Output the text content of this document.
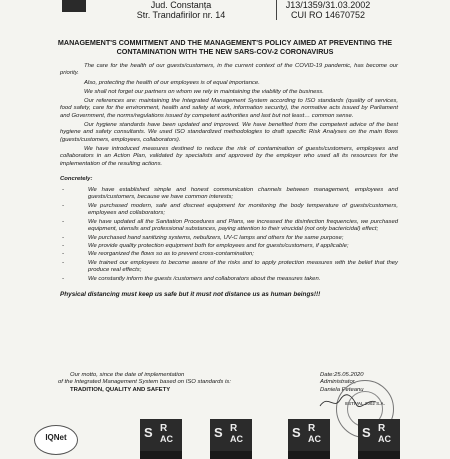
Jud. Constanța
Str. Trandafirilor nr. 14
J13/1359/31.03.2002
CUI RO 14670752
MANAGEMENT'S COMMITMENT AND THE MANAGEMENT'S POLICY AIMED AT PREVENTING THE CONTAMINATION WITH THE NEW SARS-COV-2 CORONAVIRUS

The care for the health of our guests/customers, in the current context of the COVID-19 pandemic, has become our priority.

Also, protecting the health of our employees is of equal importance.

We shall not forget our partners on whom we rely in maintaining the viability of the business.

Our references are: maintaining the Integrated Management System according to ISO standards (quality of services, food safety, care for the environment, health and safety at work, information security), the normative acts issued by Parliament and Government, the norms/regulations issued by competent authorities and last but not least… common sense.

Our hygiene standards have been updated and improved. We have benefited from the competent advice of the best hygiene and safety consultants. We used ISO standardized methodologies to draft specific Risk Analyses on the main flows (guests/customers, employees, collaborators).

We have introduced measures destined to reduce the risk of contamination of guests/customers, employees and collaborators in an Action Plan, validated by specialists and approved by the employer who used all its resources for the implementation of the resulting actions.

Concretely:

-	We have established simple and honest communication channels between management, employees and guests/customers, because we have common interests;
-	We purchased modern, safe and discreet equipment for monitoring the body temperature of guests/customers, employees and collaborators;
-	We have updated all the Sanitation Procedures and Plans, we increased the disinfection frequencies, we purchased equipment, utensils and professional substances, paying attention to their virucidal (not only bactericidal) effect;
-	We purchased hand sanitizing systems, nebulizers, UV-C lamps and others for the same purpose;
-	We provide quality protection equipment both for employees and for guests/customers, if applicable;
-	We reorganized the flows so as to prevent cross-contamination;
-	We trained our employees to become aware of the risks and to apply protection measures with the belief that they produce real effects;
-	We constantly inform the guests /customers and collaborators about the measures taken.

Physical distancing must keep us safe but it must not distance us as human beings!!!

Our motto, since the date of implementation
of the Integrated Management System based on ISO standards is:
TRADITION, QUALITY AND SAFETY
Date:25.05.2020
Administrator,
Daniela Peteanu
ESTIVAL 2002 S.A.
IQNet	S R
AC	S R
AC	S R
AC	S R
AC
